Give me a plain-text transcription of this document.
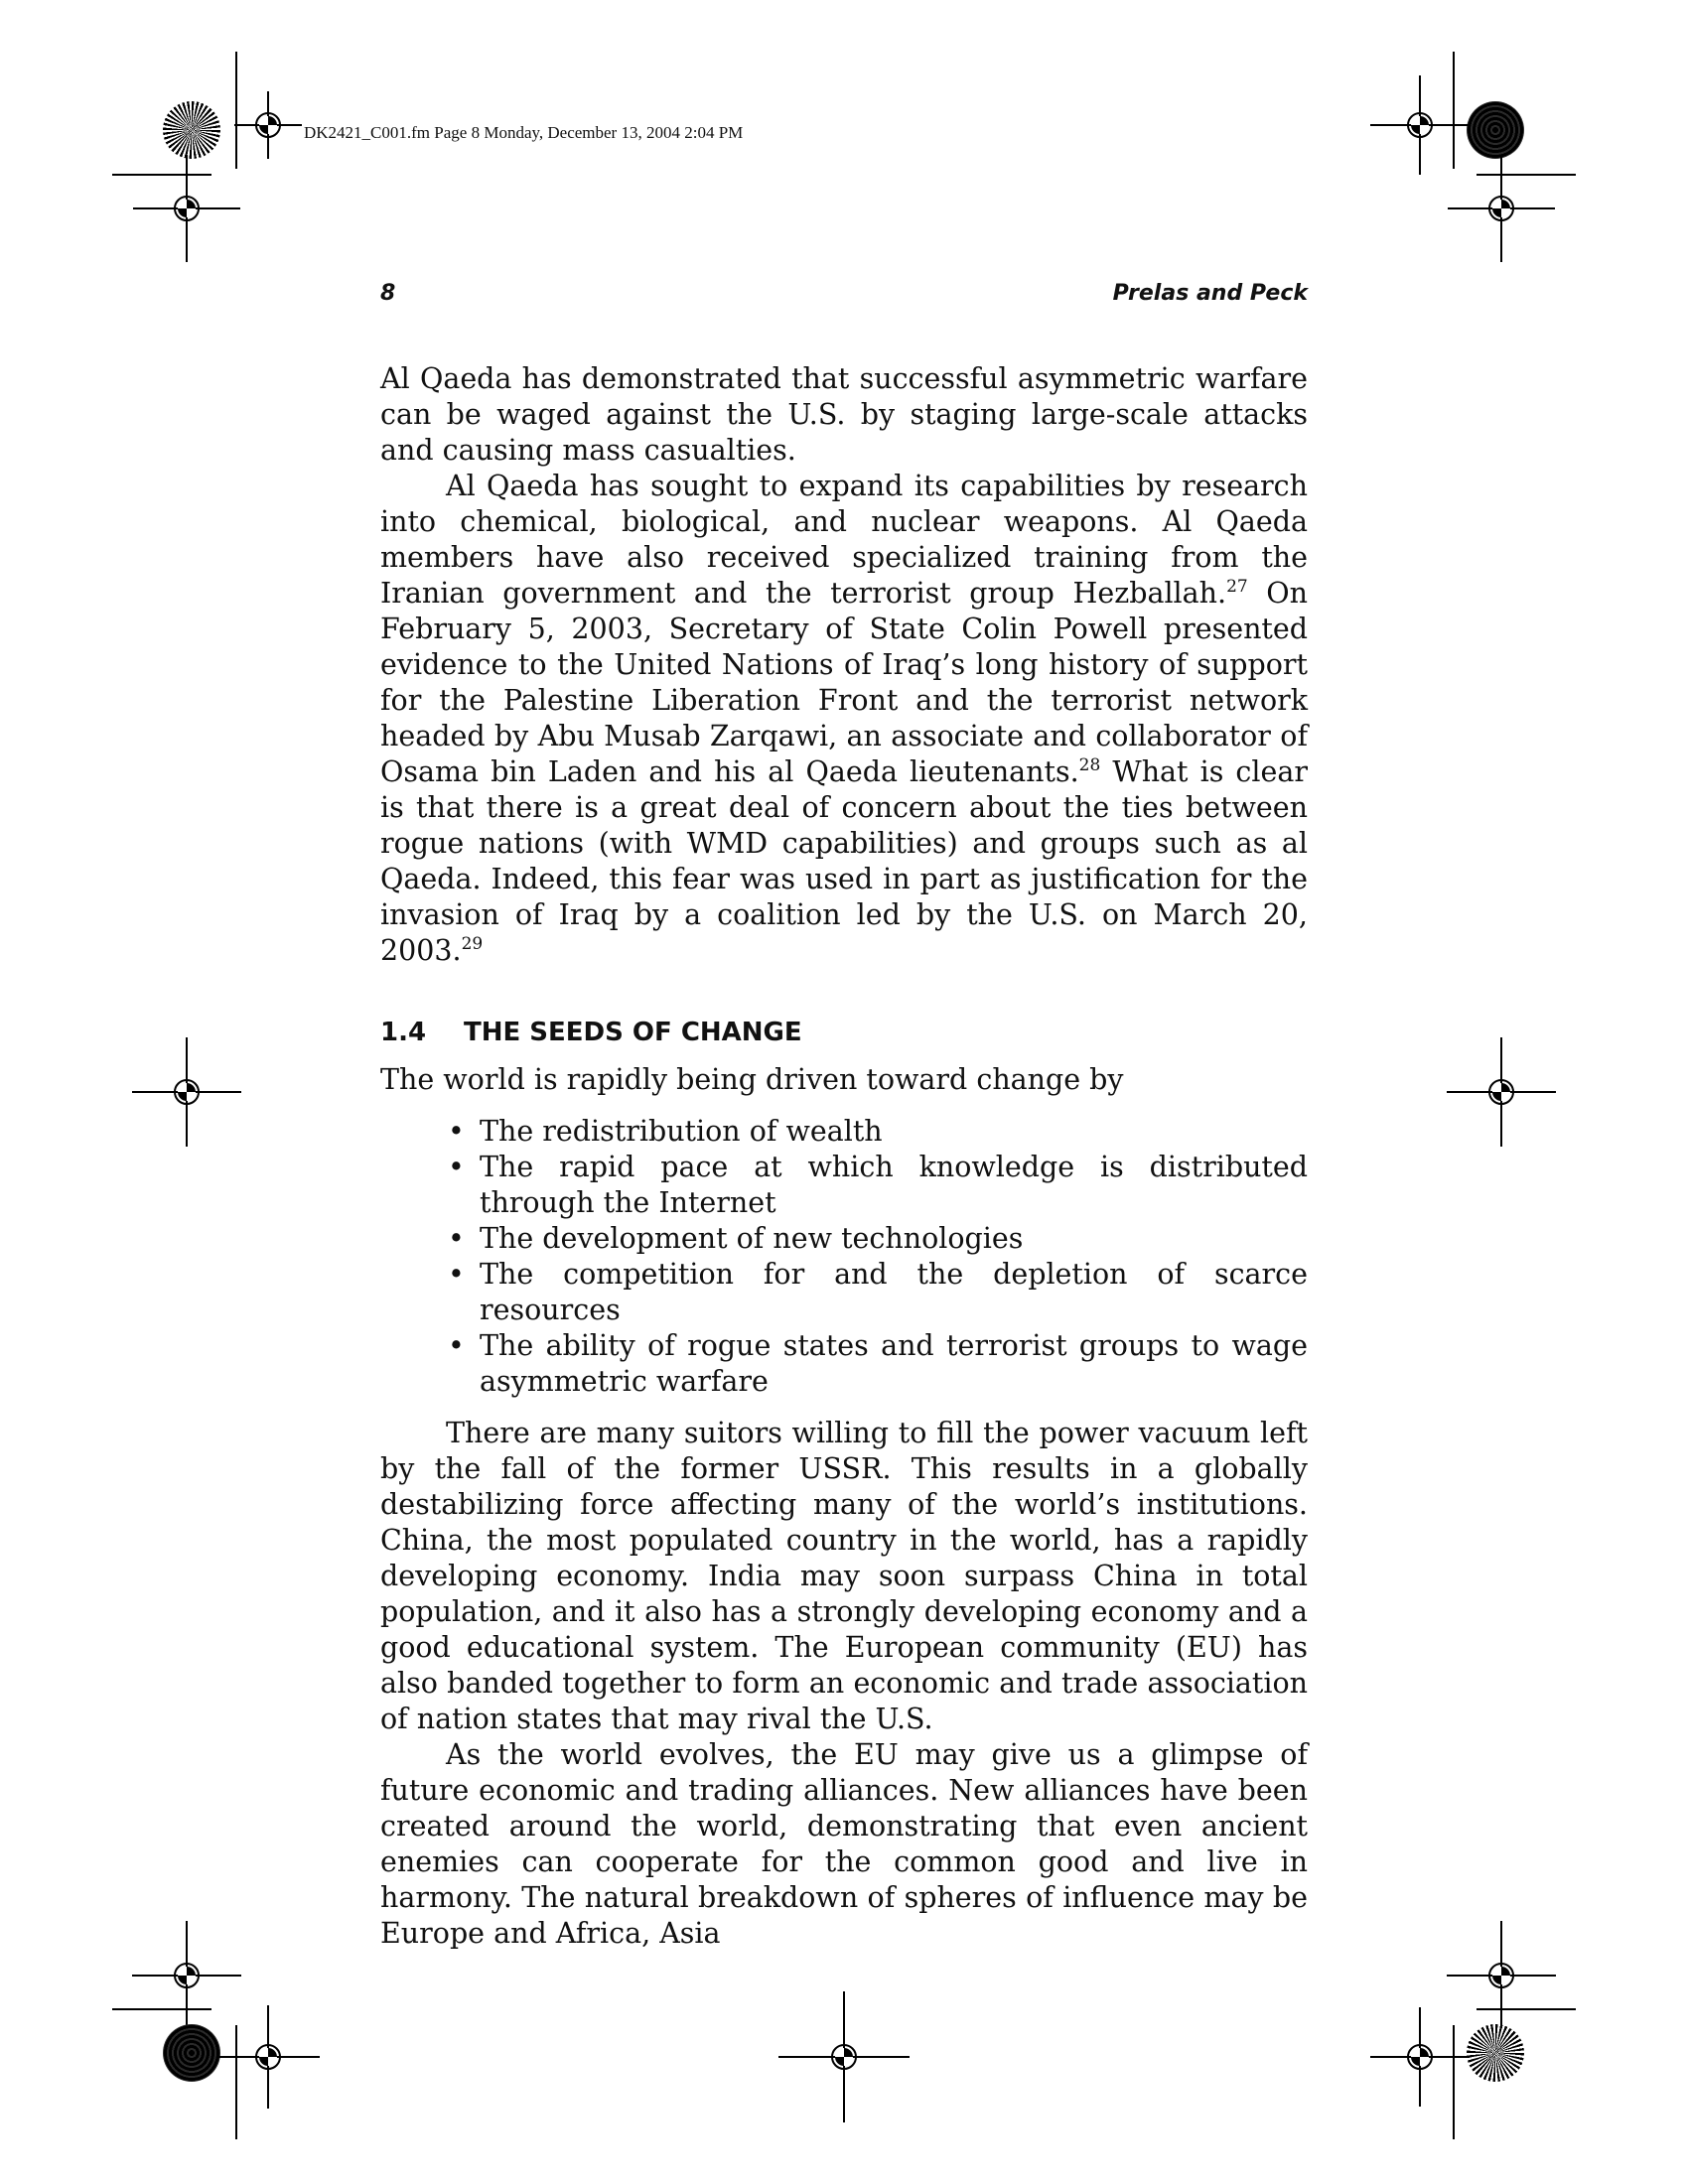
DK2421_C001.fm Page 8 Monday, December 13, 2004 2:04 PM
8	Prelas and Peck

Al Qaeda has demonstrated that successful asymmetric warfare can be waged against the U.S. by staging large-scale attacks and causing mass casualties.

Al Qaeda has sought to expand its capabilities by research into chemical, biological, and nuclear weapons. Al Qaeda members have also received specialized training from the Iranian government and the terrorist group Hezballah.$^{27}$ On February 5, 2003, Secretary of State Colin Powell presented evidence to the United Nations of Iraq’s long history of support for the Palestine Liberation Front and the terrorist network headed by Abu Musab Zarqawi, an associate and collaborator of Osama bin Laden and his al Qaeda lieutenants.$^{28}$ What is clear is that there is a great deal of concern about the ties between rogue nations (with WMD capabilities) and groups such as al Qaeda. Indeed, this fear was used in part as justification for the invasion of Iraq by a coalition led by the U.S. on March 20, 2003.29

1.4 THE SEEDS OF CHANGE

The world is rapidly being driven toward change by

• The redistribution of wealth
• The rapid pace at which knowledge is distributed through the Internet
• The development of new technologies
• The competition for and the depletion of scarce resources
• The ability of rogue states and terrorist groups to wage asymmetric warfare

There are many suitors willing to fill the power vacuum left by the fall of the former USSR. This results in a globally destabilizing force affecting many of the world’s institutions. China, the most populated country in the world, has a rapidly developing economy. India may soon surpass China in total population, and it also has a strongly developing economy and a good educational system. The European community (EU) has also banded together to form an economic and trade association of nation states that may rival the U.S.

As the world evolves, the EU may give us a glimpse of future economic and trading alliances. New alliances have been created around the world, demonstrating that even ancient enemies can cooperate for the common good and live in harmony. The natural breakdown of spheres of influence may be Europe and Africa, Asia
